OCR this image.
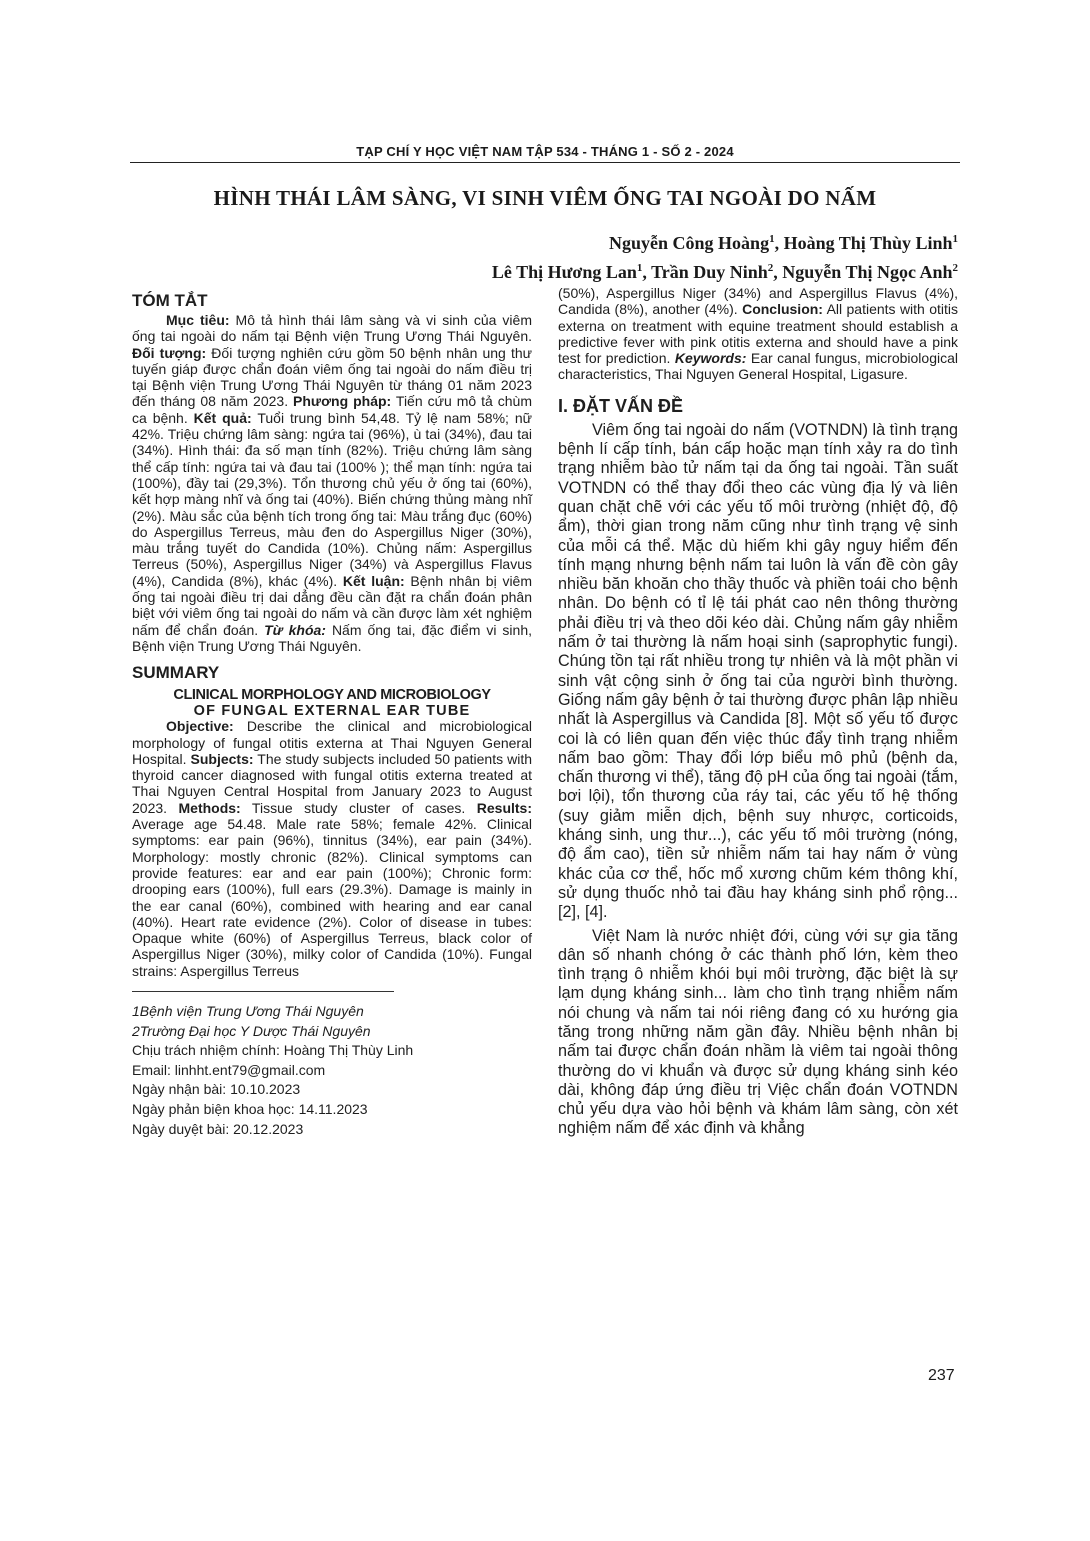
TẠP CHÍ Y HỌC VIỆT NAM TẬP 534 - THÁNG 1 - SỐ 2 - 2024
HÌNH THÁI LÂM SÀNG, VI SINH VIÊM ỐNG TAI NGOÀI DO NẤM
Nguyễn Công Hoàng$^1$, Hoàng Thị Thùy Linh$^1$
Lê Thị Hương Lan$^1$, Trần Duy Ninh$^2$, Nguyễn Thị Ngọc Anh$^2$
TÓM TẮT

Mục tiêu: Mô tả hình thái lâm sàng và vi sinh của viêm ống tai ngoài do nấm tại Bệnh viện Trung Ương Thái Nguyên. Đối tượng: Đối tượng nghiên cứu gồm 50 bệnh nhân ung thư tuyến giáp được chẩn đoán viêm ống tai ngoài do nấm điều trị tại Bệnh viện Trung Ương Thái Nguyên từ tháng 01 năm 2023 đến tháng 08 năm 2023. Phương pháp: Tiến cứu mô tả chùm ca bệnh. Kết quả: Tuổi trung bình 54,48. Tỷ lệ nam 58%; nữ 42%. Triệu chứng lâm sàng: ngứa tai (96%), ù tai (34%), đau tai (34%). Hình thái: đa số mạn tính (82%). Triệu chứng lâm sàng thể cấp tính: ngứa tai và đau tai (100% ); thể mạn tính: ngứa tai (100%), đầy tai (29,3%). Tổn thương chủ yếu ở ống tai (60%), kết hợp màng nhĩ và ống tai (40%). Biến chứng thủng màng nhĩ (2%). Màu sắc của bệnh tích trong ống tai: Màu trắng đục (60%) do Aspergillus Terreus, màu đen do Aspergillus Niger (30%), màu trắng tuyết do Candida (10%). Chủng nấm: Aspergillus Terreus (50%), Aspergillus Niger (34%) và Aspergillus Flavus (4%), Candida (8%), khác (4%). Kết luận: Bệnh nhân bị viêm ống tai ngoài điều trị dai dẳng đều cần đặt ra chẩn đoán phân biệt với viêm ống tai ngoài do nấm và cần được làm xét nghiệm nấm để chẩn đoán. Từ khóa: Nấm ống tai, đặc điểm vi sinh, Bệnh viện Trung Ương Thái Nguyên.

SUMMARY
CLINICAL MORPHOLOGY AND MICROBIOLOGY
OF FUNGAL EXTERNAL EAR TUBE

Objective: Describe the clinical and microbiological morphology of fungal otitis externa at Thai Nguyen General Hospital. Subjects: The study subjects included 50 patients with thyroid cancer diagnosed with fungal otitis externa treated at Thai Nguyen Central Hospital from January 2023 to August 2023. Methods: Tissue study cluster of cases. Results: Average age 54.48. Male rate 58%; female 42%. Clinical symptoms: ear pain (96%), tinnitus (34%), ear pain (34%). Morphology: mostly chronic (82%). Clinical symptoms can provide features: ear and ear pain (100%); Chronic form: drooping ears (100%), full ears (29.3%). Damage is mainly in the ear canal (60%), combined with hearing and ear canal (40%). Heart rate evidence (2%). Color of disease in tubes: Opaque white (60%) of Aspergillus Terreus, black color of Aspergillus Niger (30%), milky color of Candida (10%). Fungal strains: Aspergillus Terreus

1Bệnh viện Trung Ương Thái Nguyên
2Trường Đại học Y Dược Thái Nguyên
Chịu trách nhiệm chính: Hoàng Thị Thùy Linh
Email: linhht.ent79@gmail.com
Ngày nhận bài: 10.10.2023
Ngày phản biện khoa học: 14.11.2023
Ngày duyệt bài: 20.12.2023

(50%), Aspergillus Niger (34%) and Aspergillus Flavus (4%), Candida (8%), another (4%). Conclusion: All patients with otitis externa on treatment with equine treatment should establish a predictive fever with pink otitis externa and should have a pink test for prediction. Keywords: Ear canal fungus, microbiological characteristics, Thai Nguyen General Hospital, Ligasure.

I. ĐẶT VẤN ĐỀ

Viêm ống tai ngoài do nấm (VOTNDN) là tình trạng bệnh lí cấp tính, bán cấp hoặc mạn tính xảy ra do tình trạng nhiễm bào tử nấm tại da ống tai ngoài. Tần suất VOTNDN có thể thay đổi theo các vùng địa lý và liên quan chặt chẽ với các yếu tố môi trường (nhiệt độ, độ ẩm), thời gian trong năm cũng như tình trạng vệ sinh của mỗi cá thể. Mặc dù hiếm khi gây nguy hiểm đến tính mạng nhưng bệnh nấm tai luôn là vấn đề còn gây nhiều băn khoăn cho thầy thuốc và phiền toái cho bệnh nhân. Do bệnh có tỉ lệ tái phát cao nên thông thường phải điều trị và theo dõi kéo dài. Chủng nấm gây nhiễm nấm ở tai thường là nấm hoại sinh (saprophytic fungi). Chúng tồn tại rất nhiều trong tự nhiên và là một phần vi sinh vật cộng sinh ở ống tai của người bình thường. Giống nấm gây bệnh ở tai thường được phân lập nhiều nhất là Aspergillus và Candida [8]. Một số yếu tố được coi là có liên quan đến việc thúc đẩy tình trạng nhiễm nấm bao gồm: Thay đổi lớp biểu mô phủ (bệnh da, chấn thương vi thể), tăng độ pH của ống tai ngoài (tắm, bơi lội), tổn thương của ráy tai, các yếu tố hệ thống (suy giảm miễn dịch, bệnh suy nhược, corticoids, kháng sinh, ung thư...), các yếu tố môi trường (nóng, độ ẩm cao), tiền sử nhiễm nấm tai hay nấm ở vùng khác của cơ thể, hốc mổ xương chũm kém thông khí, sử dụng thuốc nhỏ tai đầu hay kháng sinh phổ rộng...[2], [4].

Việt Nam là nước nhiệt đới, cùng với sự gia tăng dân số nhanh chóng ở các thành phố lớn, kèm theo tình trạng ô nhiễm khói bụi môi trường, đặc biệt là sự lạm dụng kháng sinh... làm cho tình trạng nhiễm nấm nói chung và nấm tai nói riêng đang có xu hướng gia tăng trong những năm gần đây. Nhiều bệnh nhân bị nấm tai được chẩn đoán nhầm là viêm tai ngoài thông thường do vi khuẩn và được sử dụng kháng sinh kéo dài, không đáp ứng điều trị Việc chẩn đoán VOTNDN chủ yếu dựa vào hỏi bệnh và khám lâm sàng, còn xét nghiệm nấm để xác định và khẳng

237
